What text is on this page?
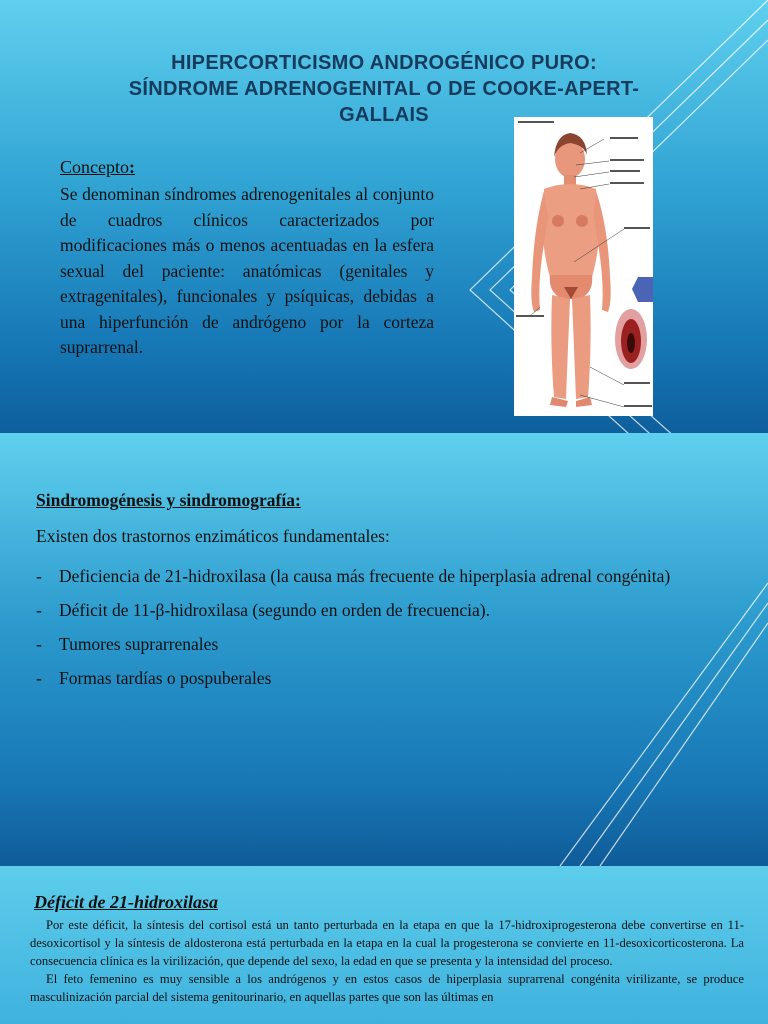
HIPERCORTICISMO ANDROGÉNICO PURO:
SÍNDROME ADRENOGENITAL O DE COOKE-APERT-
GALLAIS
Concepto:

Se denominan síndromes adrenogenitales al conjunto de cuadros clínicos caracterizados por modificaciones más o menos acentuadas en la esfera sexual del paciente: anatómicas (genitales y extragenitales), funcionales y psíquicas, debidas a una hiperfunción de andrógeno por la corteza suprarrenal.

Sindromogénesis y sindromografía:
Existen dos trastornos enzimáticos fundamentales:
- Deficiencia de 21-hidroxilasa (la causa más frecuente de hiperplasia adrenal congénita)
- Déficit de 11-β-hidroxilasa (segundo en orden de frecuencia).
- Tumores suprarrenales
- Formas tardías o pospuberales
Déficit de 21-hidroxilasa

Por este déficit, la síntesis del cortisol está un tanto perturbada en la etapa en que la 17-hidroxiprogesterona debe convertirse en 11-desoxicortisol y la síntesis de aldosterona está perturbada en la etapa en la cual la progesterona se convierte en 11-desoxicorticosterona. La consecuencia clínica es la virilización, que depende del sexo, la edad en que se presenta y la intensidad del proceso.
El feto femenino es muy sensible a los andrógenos y en estos casos de hiperplasia suprarrenal congénita virilizante, se produce masculinización parcial del sistema genitourinario, en aquellas partes que son las últimas en
